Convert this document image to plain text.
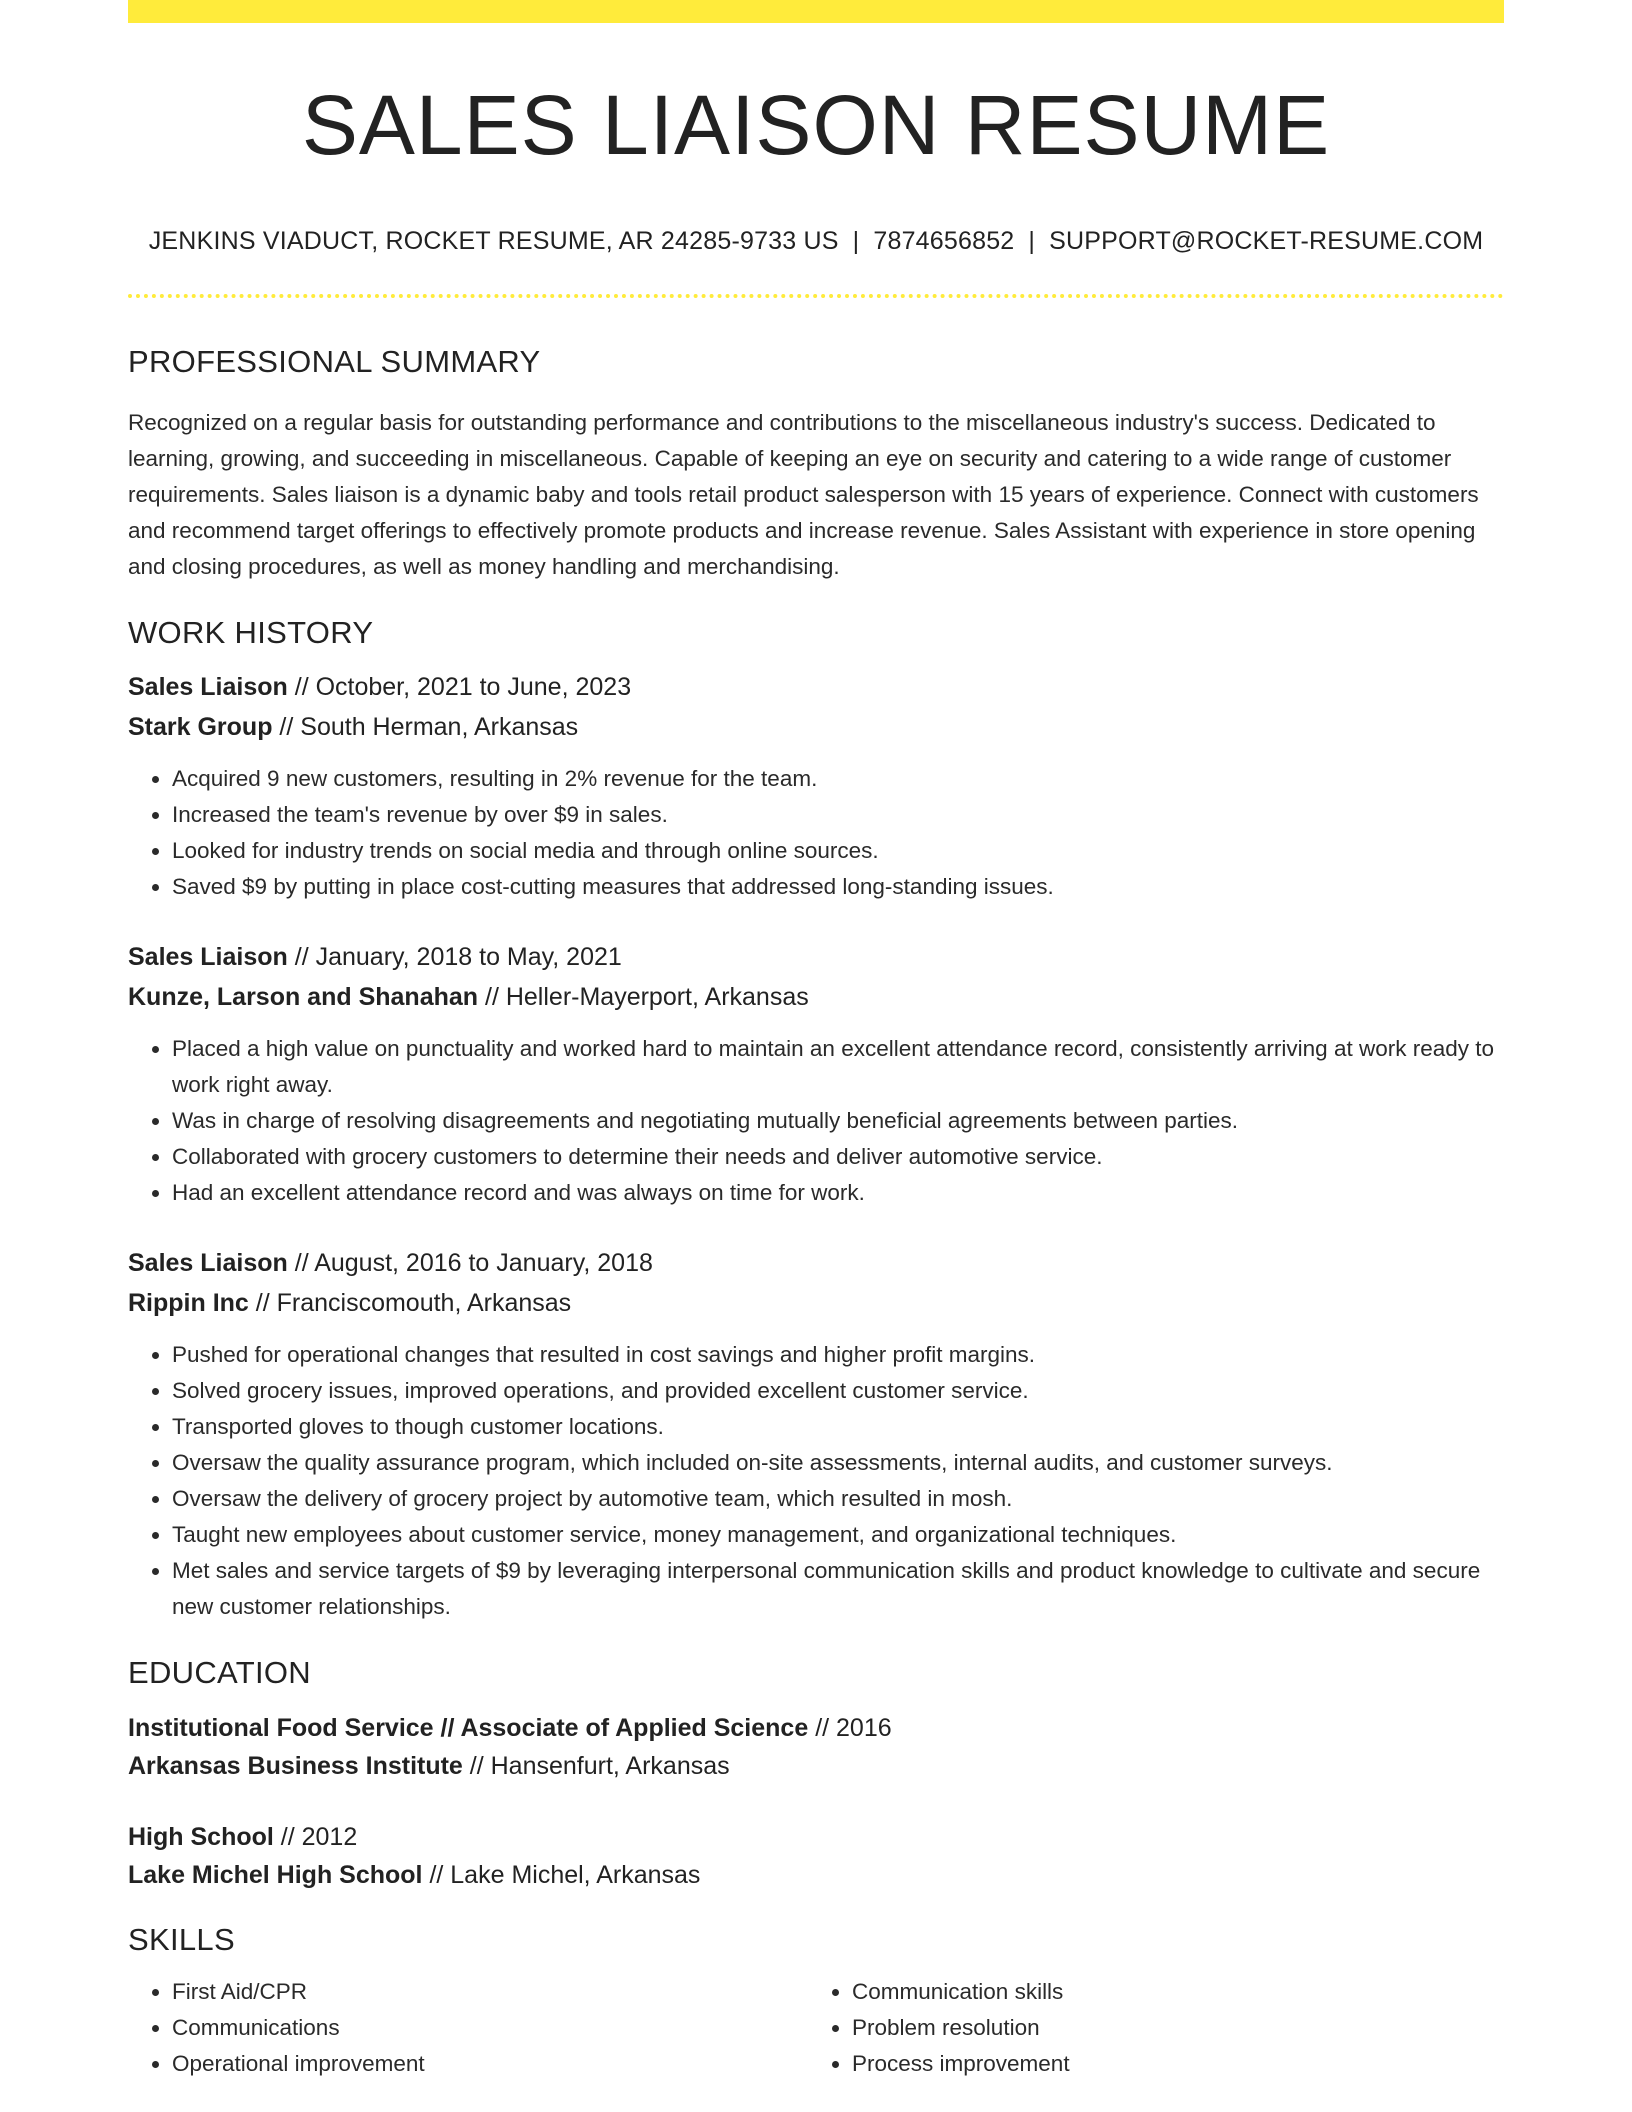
SALES LIAISON RESUME
JENKINS VIADUCT, ROCKET RESUME, AR 24285-9733 US | 7874656852 | SUPPORT@ROCKET-RESUME.COM
PROFESSIONAL SUMMARY

Recognized on a regular basis for outstanding performance and contributions to the miscellaneous industry's success. Dedicated to learning, growing, and succeeding in miscellaneous. Capable of keeping an eye on security and catering to a wide range of customer requirements. Sales liaison is a dynamic baby and tools retail product salesperson with 15 years of experience. Connect with customers and recommend target offerings to effectively promote products and increase revenue. Sales Assistant with experience in store opening and closing procedures, as well as money handling and merchandising.

WORK HISTORY
Sales Liaison // October, 2021 to June, 2023
Stark Group // South Herman, Arkansas
• Acquired 9 new customers, resulting in 2% revenue for the team.
• Increased the team's revenue by over $9 in sales.
• Looked for industry trends on social media and through online sources.
• Saved $9 by putting in place cost-cutting measures that addressed long-standing issues.
Sales Liaison // January, 2018 to May, 2021
Kunze, Larson and Shanahan // Heller-Mayerport, Arkansas
• Placed a high value on punctuality and worked hard to maintain an excellent attendance record, consistently arriving at work ready to work right away.
• Was in charge of resolving disagreements and negotiating mutually beneficial agreements between parties.
• Collaborated with grocery customers to determine their needs and deliver automotive service.
• Had an excellent attendance record and was always on time for work.
Sales Liaison // August, 2016 to January, 2018
Rippin Inc // Franciscomouth, Arkansas
• Pushed for operational changes that resulted in cost savings and higher profit margins.
• Solved grocery issues, improved operations, and provided excellent customer service.
• Transported gloves to though customer locations.
• Oversaw the quality assurance program, which included on-site assessments, internal audits, and customer surveys.
• Oversaw the delivery of grocery project by automotive team, which resulted in mosh.
• Taught new employees about customer service, money management, and organizational techniques.
• Met sales and service targets of $9 by leveraging interpersonal communication skills and product knowledge to cultivate and secure new customer relationships.
EDUCATION
Institutional Food Service // Associate of Applied Science // 2016
Arkansas Business Institute // Hansenfurt, Arkansas
High School // 2012
Lake Michel High School // Lake Michel, Arkansas
SKILLS
• First Aid/CPR
• Communications
• Operational improvement
• Communication skills
• Problem resolution
• Process improvement
